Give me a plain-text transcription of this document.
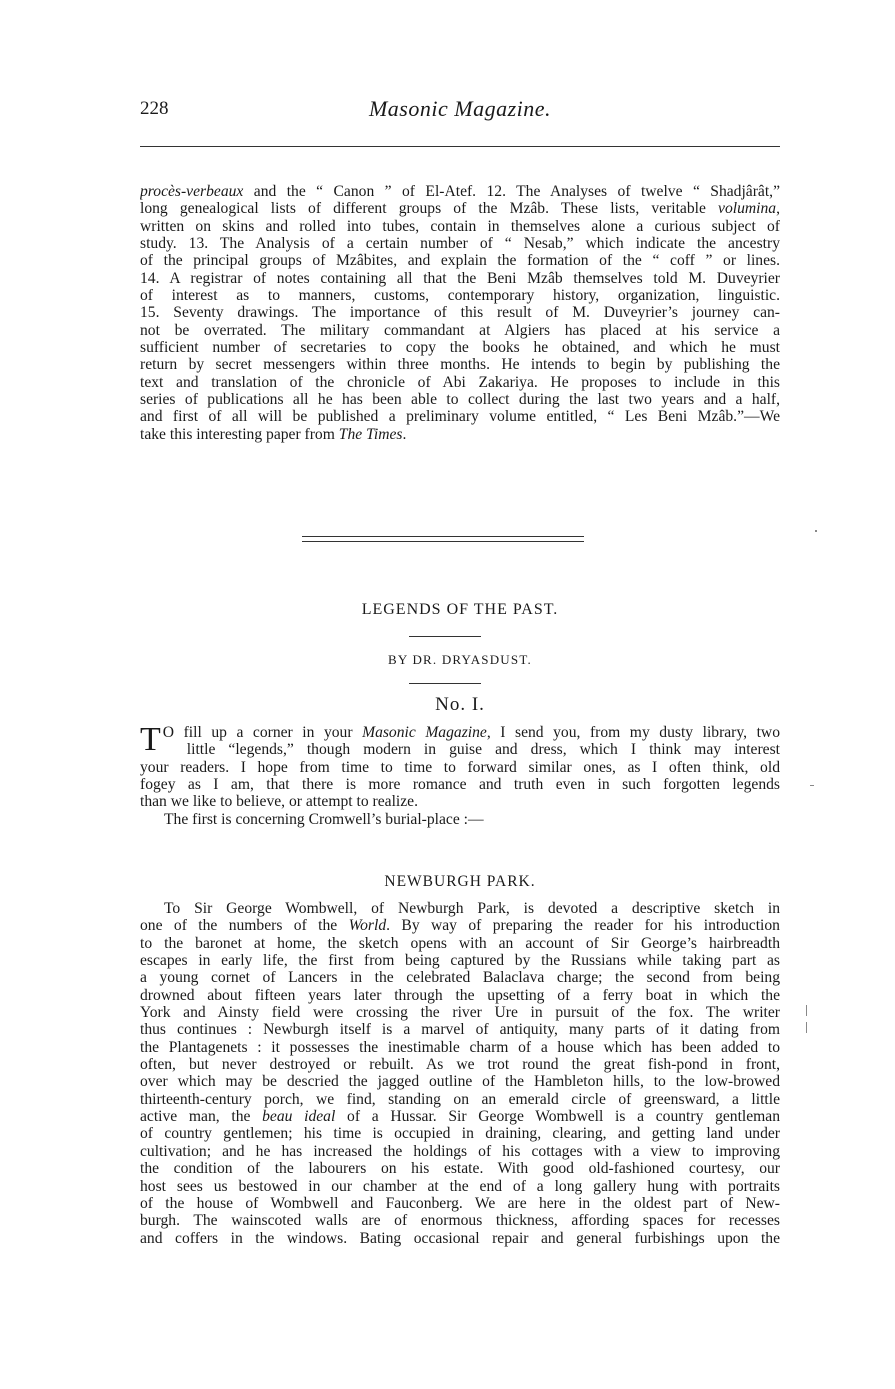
228	Masonic Magazine.
procès-verbeaux and the “ Canon ” of El-Atef. 12. The Analyses of twelve “ Shadjârât,”
long genealogical lists of different groups of the Mzâb. These lists, veritable volumina,
written on skins and rolled into tubes, contain in themselves alone a curious subject of
study. 13. The Analysis of a certain number of “ Nesab,” which indicate the ancestry
of the principal groups of Mzâbites, and explain the formation of the “ coff ” or lines.
14. A registrar of notes containing all that the Beni Mzâb themselves told M. Duveyrier
of interest as to manners, customs, contemporary history, organization, linguistic.
15. Seventy drawings. The importance of this result of M. Duveyrier’s journey can-
not be overrated. The military commandant at Algiers has placed at his service a
sufficient number of secretaries to copy the books he obtained, and which he must
return by secret messengers within three months. He intends to begin by publishing the
text and translation of the chronicle of Abi Zakariya. He proposes to include in this
series of publications all he has been able to collect during the last two years and a half,
and first of all will be published a preliminary volume entitled, “ Les Beni Mzâb.”—We
take this interesting paper from The Times.
LEGENDS OF THE PAST.
BY DR. DRYASDUST.
No. I.
T O fill up a corner in your Masonic Magazine, I send you, from my dusty library, two
little “legends,” though modern in guise and dress, which I think may interest
your readers. I hope from time to time to forward similar ones, as I often think, old
fogey as I am, that there is more romance and truth even in such forgotten legends
than we like to believe, or attempt to realize.
The first is concerning Cromwell’s burial-place :—
NEWBURGH PARK.
To Sir George Wombwell, of Newburgh Park, is devoted a descriptive sketch in
one of the numbers of the World. By way of preparing the reader for his introduction
to the baronet at home, the sketch opens with an account of Sir George’s hairbreadth
escapes in early life, the first from being captured by the Russians while taking part as
a young cornet of Lancers in the celebrated Balaclava charge; the second from being
drowned about fifteen years later through the upsetting of a ferry boat in which the
York and Ainsty field were crossing the river Ure in pursuit of the fox. The writer
thus continues : Newburgh itself is a marvel of antiquity, many parts of it dating from
the Plantagenets : it possesses the inestimable charm of a house which has been added to
often, but never destroyed or rebuilt. As we trot round the great fish-pond in front,
over which may be descried the jagged outline of the Hambleton hills, to the low-browed
thirteenth-century porch, we find, standing on an emerald circle of greensward, a little
active man, the beau ideal of a Hussar. Sir George Wombwell is a country gentleman
of country gentlemen; his time is occupied in draining, clearing, and getting land under
cultivation; and he has increased the holdings of his cottages with a view to improving
the condition of the labourers on his estate. With good old-fashioned courtesy, our
host sees us bestowed in our chamber at the end of a long gallery hung with portraits
of the house of Wombwell and Fauconberg. We are here in the oldest part of New-
burgh. The wainscoted walls are of enormous thickness, affording spaces for recesses
and coffers in the windows. Bating occasional repair and general furbishings upon the
